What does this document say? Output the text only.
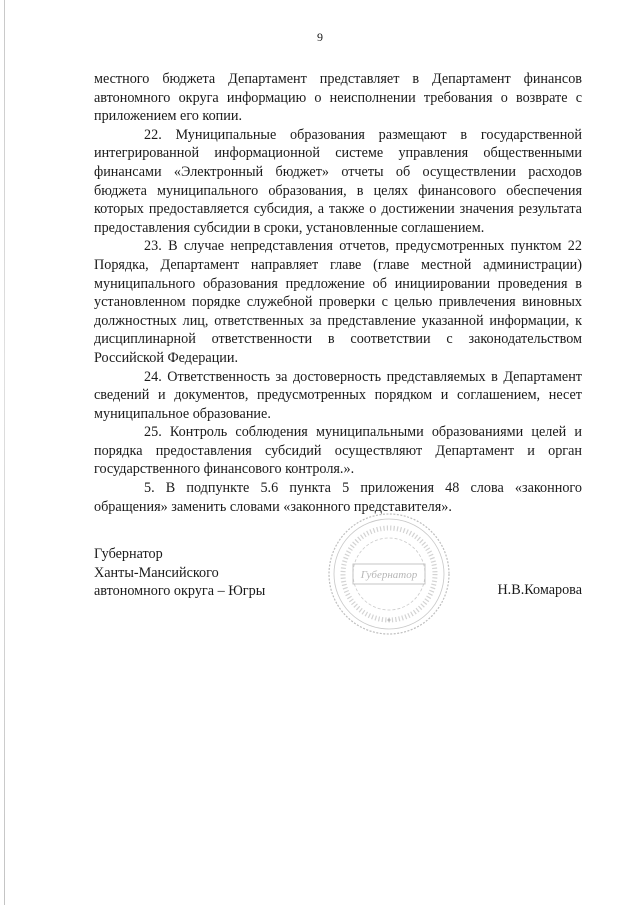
9

местного бюджета Департамент представляет в Департамент финансов автономного округа информацию о неисполнении требования о возврате с приложением его копии.

22. Муниципальные образования размещают в государственной интегрированной информационной системе управления общественными финансами «Электронный бюджет» отчеты об осуществлении расходов бюджета муниципального образования, в целях финансового обеспечения которых предоставляется субсидия, а также о достижении значения результата предоставления субсидии в сроки, установленные соглашением.

23. В случае непредставления отчетов, предусмотренных пунктом 22 Порядка, Департамент направляет главе (главе местной администрации) муниципального образования предложение об инициировании проведения в установленном порядке служебной проверки с целью привлечения виновных должностных лиц, ответственных за представление указанной информации, к дисциплинарной ответственности в соответствии с законодательством Российской Федерации.

24. Ответственность за достоверность представляемых в Департамент сведений и документов, предусмотренных порядком и соглашением, несет муниципальное образование.

25. Контроль соблюдения муниципальными образованиями целей и порядка предоставления субсидий осуществляют Департамент и орган государственного финансового контроля.».

5. В подпункте 5.6 пункта 5 приложения 48 слова «законного обращения» заменить словами «законного представителя».

Губернатор
Ханты-Мансийского
автономного округа – Югры	Н.В.Комарова
Губернатор
